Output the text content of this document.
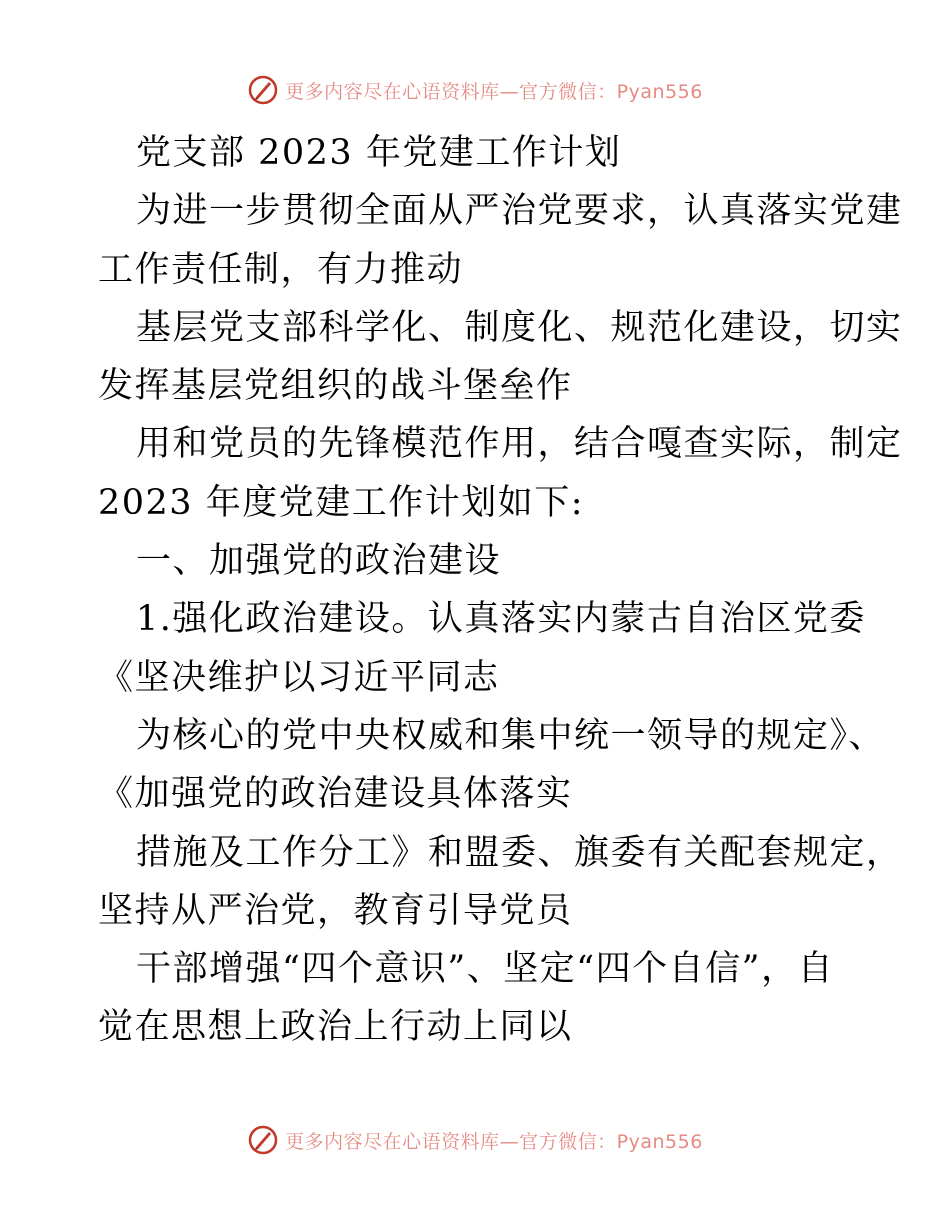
更多内容尽在心语资料库—官方微信：Pyan556
党支部 2023 年党建工作计划
为进一步贯彻全面从严治党要求，认真落实党建
工作责任制，有力推动
基层党支部科学化、制度化、规范化建设，切实
发挥基层党组织的战斗堡垒作
用和党员的先锋模范作用，结合嘎查实际，制定
2023 年度党建工作计划如下:
一、加强党的政治建设
1.强化政治建设。认真落实内蒙古自治区党委
《坚决维护以习近平同志
为核心的党中央权威和集中统一领导的规定》、
《加强党的政治建设具体落实
措施及工作分工》和盟委、旗委有关配套规定，
坚持从严治党，教育引导党员
干部增强“四个意识”、坚定“四个自信”，自
觉在思想上政治上行动上同以
更多内容尽在心语资料库—官方微信：Pyan556
